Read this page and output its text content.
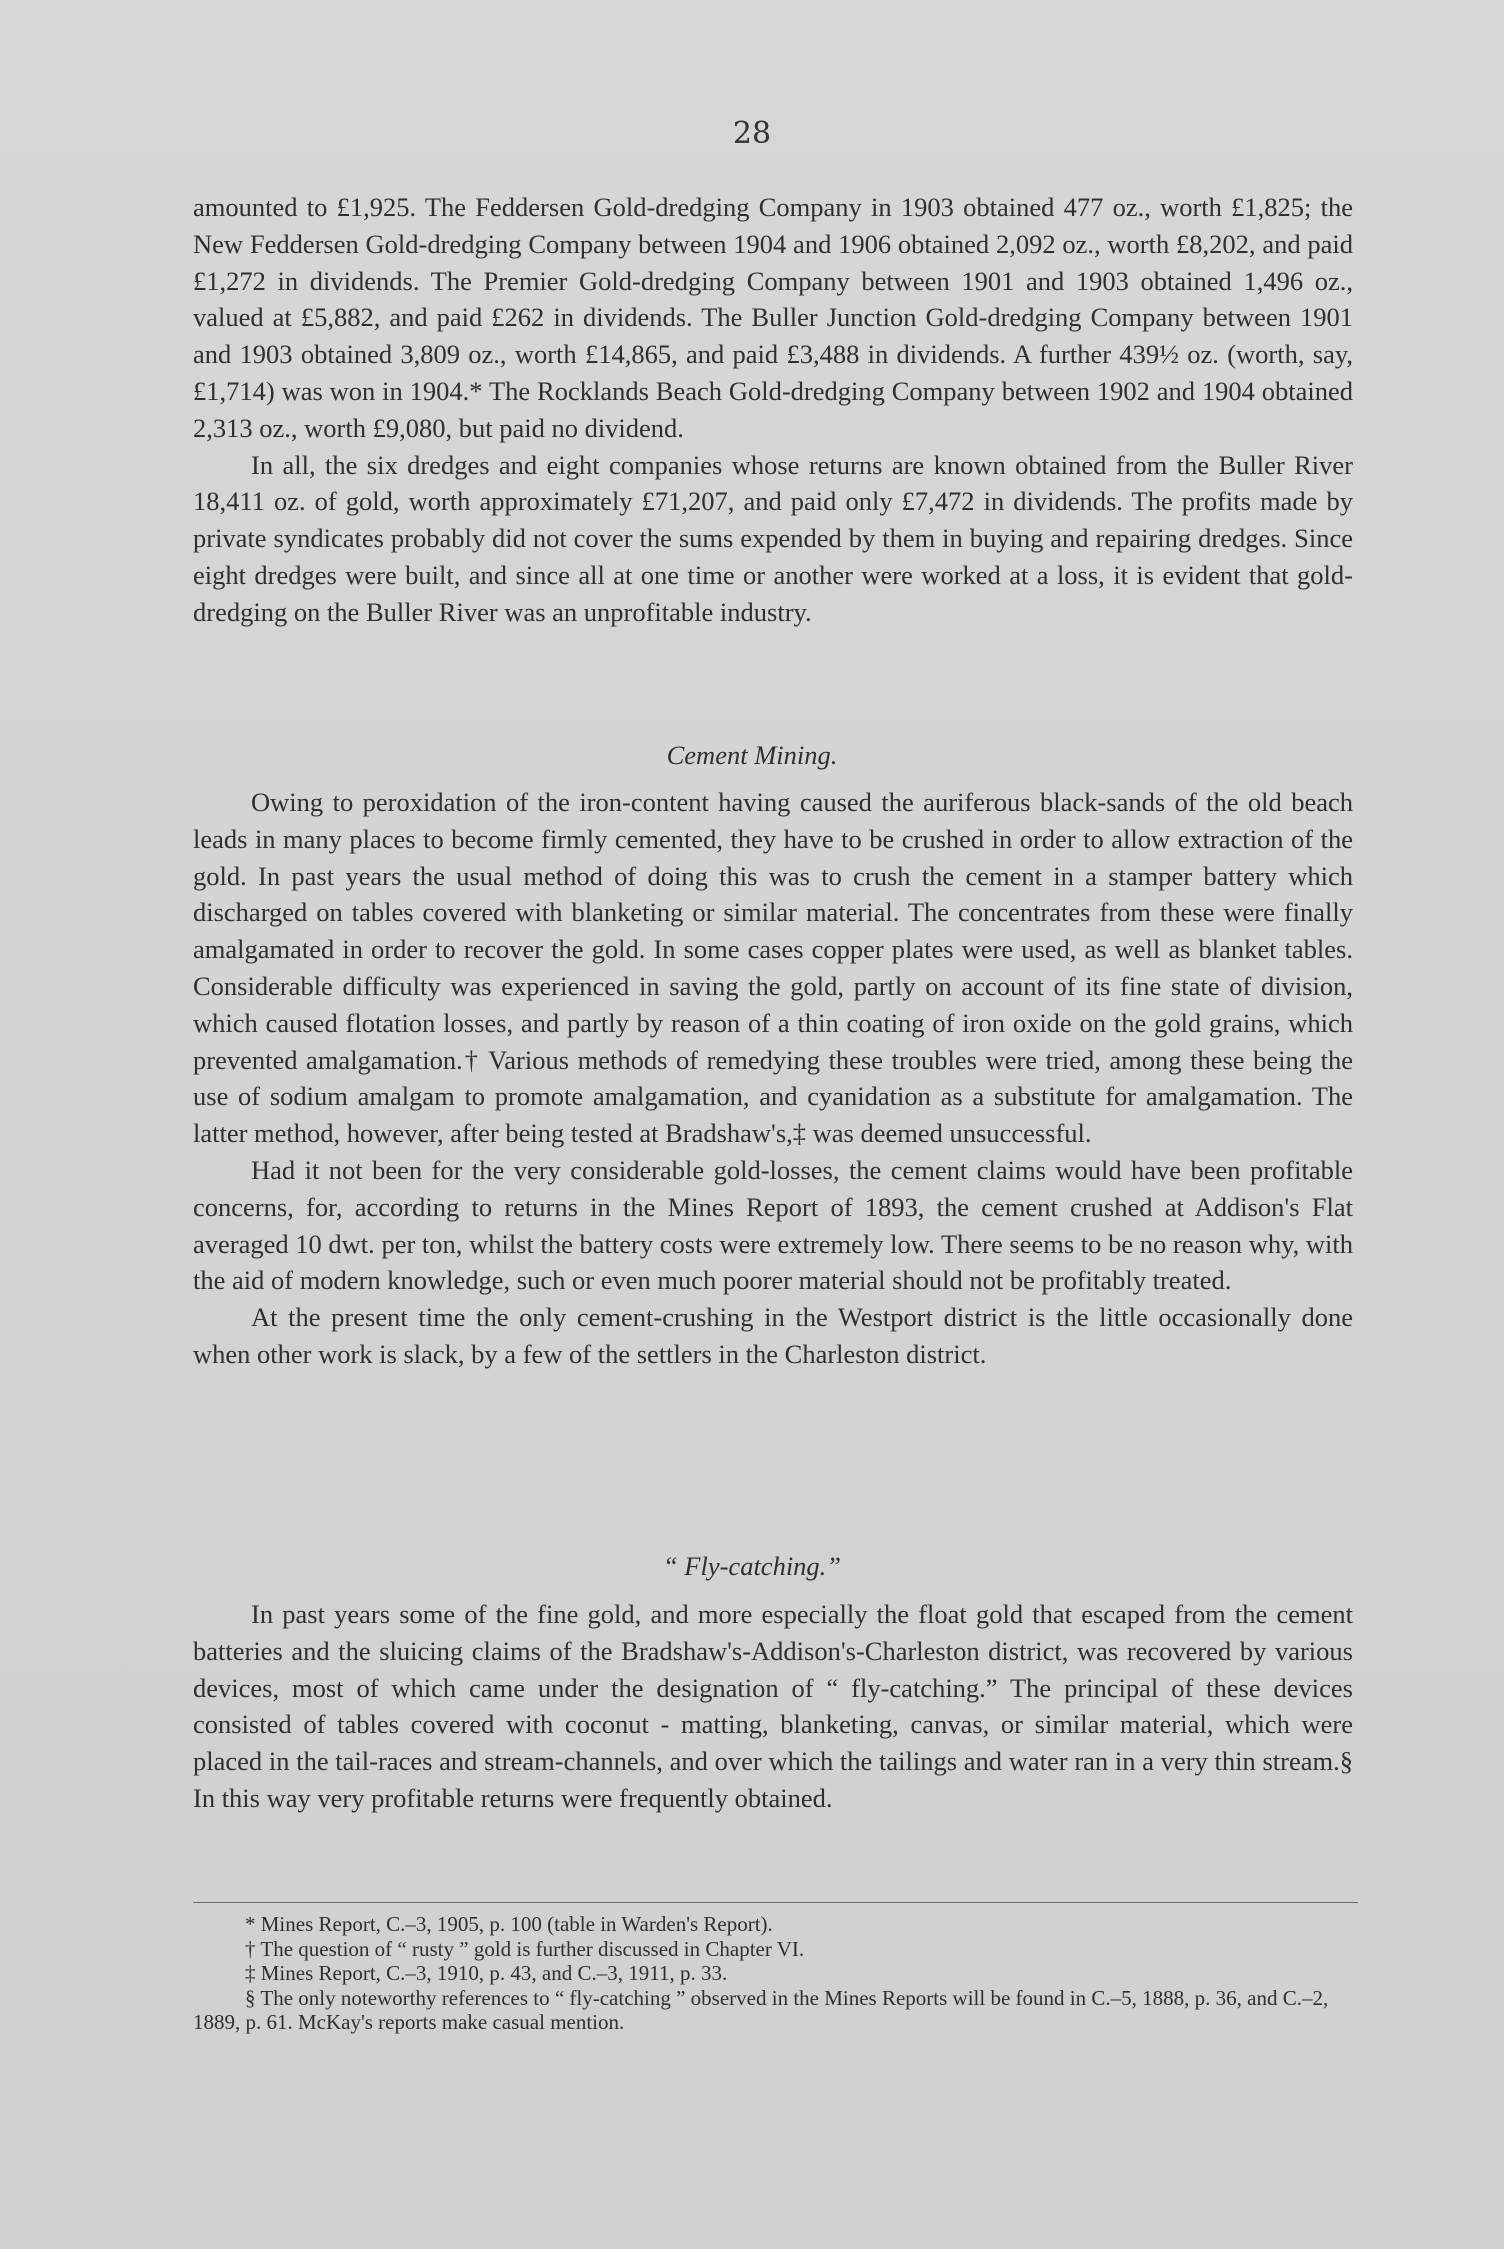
28

amounted to £1,925. The Feddersen Gold-dredging Company in 1903 obtained 477 oz., worth £1,825; the New Feddersen Gold-dredging Company between 1904 and 1906 obtained 2,092 oz., worth £8,202, and paid £1,272 in dividends. The Premier Gold-dredging Company between 1901 and 1903 obtained 1,496 oz., valued at £5,882, and paid £262 in dividends. The Buller Junction Gold-dredging Company between 1901 and 1903 obtained 3,809 oz., worth £14,865, and paid £3,488 in dividends. A further 439½ oz. (worth, say, £1,714) was won in 1904.* The Rocklands Beach Gold-dredging Company between 1902 and 1904 obtained 2,313 oz., worth £9,080, but paid no dividend.

In all, the six dredges and eight companies whose returns are known obtained from the Buller River 18,411 oz. of gold, worth approximately £71,207, and paid only £7,472 in dividends. The profits made by private syndicates probably did not cover the sums expended by them in buying and repairing dredges. Since eight dredges were built, and since all at one time or another were worked at a loss, it is evident that gold-dredging on the Buller River was an unprofitable industry.

Cement Mining.

Owing to peroxidation of the iron-content having caused the auriferous black-sands of the old beach leads in many places to become firmly cemented, they have to be crushed in order to allow extraction of the gold. In past years the usual method of doing this was to crush the cement in a stamper battery which discharged on tables covered with blanketing or similar material. The concentrates from these were finally amalgamated in order to recover the gold. In some cases copper plates were used, as well as blanket tables. Considerable difficulty was experienced in saving the gold, partly on account of its fine state of division, which caused flotation losses, and partly by reason of a thin coating of iron oxide on the gold grains, which prevented amalgamation.† Various methods of remedying these troubles were tried, among these being the use of sodium amalgam to promote amalgamation, and cyanidation as a substitute for amalgamation. The latter method, however, after being tested at Bradshaw's,‡ was deemed unsuccessful.

Had it not been for the very considerable gold-losses, the cement claims would have been profitable concerns, for, according to returns in the Mines Report of 1893, the cement crushed at Addison's Flat averaged 10 dwt. per ton, whilst the battery costs were extremely low. There seems to be no reason why, with the aid of modern knowledge, such or even much poorer material should not be profitably treated.

At the present time the only cement-crushing in the Westport district is the little occasionally done when other work is slack, by a few of the settlers in the Charleston district.

“ Fly-catching.”

In past years some of the fine gold, and more especially the float gold that escaped from the cement batteries and the sluicing claims of the Bradshaw's-Addison's-Charleston district, was recovered by various devices, most of which came under the designation of “ fly-catching.” The principal of these devices consisted of tables covered with coconut - matting, blanketing, canvas, or similar material, which were placed in the tail-races and stream-channels, and over which the tailings and water ran in a very thin stream.§ In this way very profitable returns were frequently obtained.

* Mines Report, C.–3, 1905, p. 100 (table in Warden's Report).

† The question of “ rusty ” gold is further discussed in Chapter VI.

‡ Mines Report, C.–3, 1910, p. 43, and C.–3, 1911, p. 33.

§ The only noteworthy references to “ fly-catching ” observed in the Mines Reports will be found in C.–5, 1888, p. 36, and C.–2, 1889, p. 61. McKay's reports make casual mention.
